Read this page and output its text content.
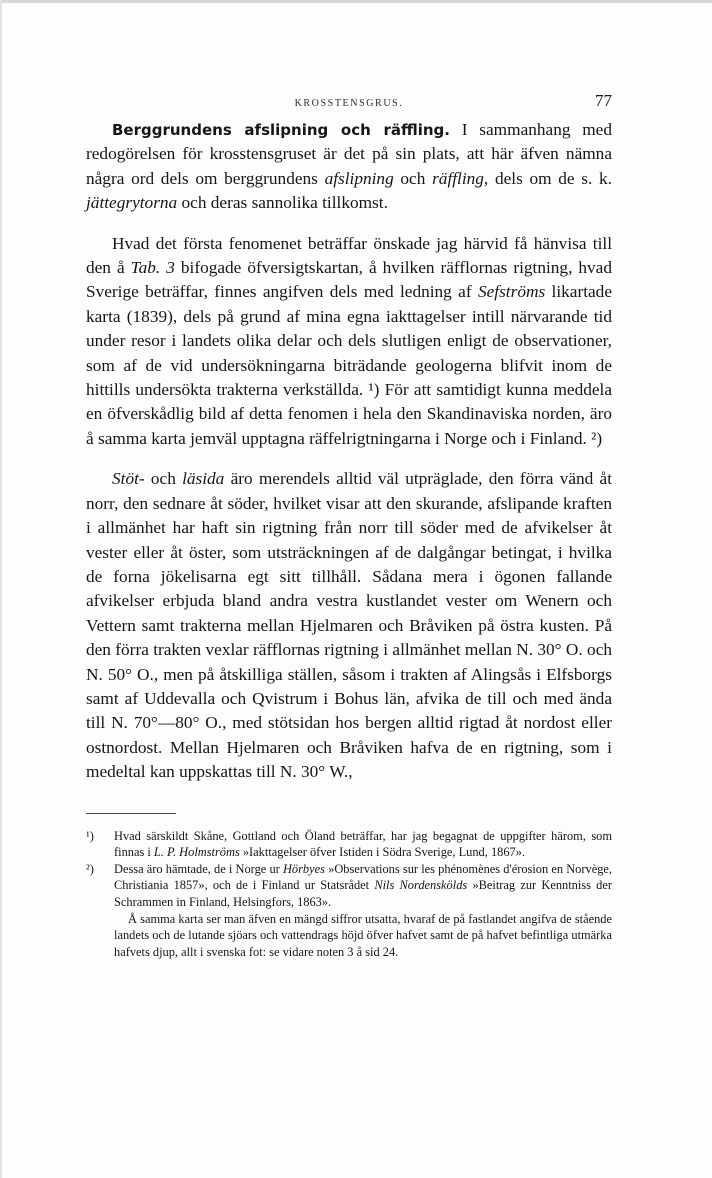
KROSSTENSGRUS.	77

Berggrundens afslipning och räffling. I sammanhang med redogörelsen för krosstensgruset är det på sin plats, att här äfven nämna några ord dels om berggrundens afslipning och räffling, dels om de s. k. jättegrytorna och deras sannolika tillkomst.

Hvad det första fenomenet beträffar önskade jag härvid få hänvisa till den å Tab. 3 bifogade öfversigtskartan, å hvilken räfflornas rigtning, hvad Sverige beträffar, finnes angifven dels med ledning af Sefströms likartade karta (1839), dels på grund af mina egna iakttagelser intill närvarande tid under resor i landets olika delar och dels slutligen enligt de observationer, som af de vid undersökningarna biträdande geologerna blifvit inom de hittills undersökta trakterna verkställda. ¹) För att samtidigt kunna meddela en öfverskådlig bild af detta fenomen i hela den Skandinaviska norden, äro å samma karta jemväl upptagna räffelrigtningarna i Norge och i Finland. ²)

Stöt- och läsida äro merendels alltid väl utpräglade, den förra vänd åt norr, den sednare åt söder, hvilket visar att den skurande, afslipande kraften i allmänhet har haft sin rigtning från norr till söder med de afvikelser åt vester eller åt öster, som utsträckningen af de dalgångar betingat, i hvilka de forna jökelisarna egt sitt tillhåll. Sådana mera i ögonen fallande afvikelser erbjuda bland andra vestra kustlandet vester om Wenern och Vettern samt trakterna mellan Hjelmaren och Bråviken på östra kusten. På den förra trakten vexlar räfflornas rigtning i allmänhet mellan N. 30° O. och N. 50° O., men på åtskilliga ställen, såsom i trakten af Alingsås i Elfsborgs samt af Uddevalla och Qvistrum i Bohus län, afvika de till och med ända till N. 70°—80° O., med stötsidan hos bergen alltid rigtad åt nordost eller ostnordost. Mellan Hjelmaren och Bråviken hafva de en rigtning, som i medeltal kan uppskattas till N. 30° W.,

¹) Hvad särskildt Skåne, Gottland och Öland beträffar, har jag begagnat de uppgifter härom, som finnas i L. P. Holmströms »Iakttagelser öfver Istiden i Södra Sverige, Lund, 1867».

²) Dessa äro hämtade, de i Norge ur Hörbyes »Observations sur les phénomènes d'érosion en Norvège, Christiania 1857», och de i Finland ur Statsrådet Nils Nordenskölds »Beitrag zur Kenntniss der Schrammen in Finland, Helsingfors, 1863».

Å samma karta ser man äfven en mängd siffror utsatta, hvaraf de på fastlandet angifva de stående landets och de lutande sjöars och vattendrags höjd öfver hafvet samt de på hafvet befintliga utmärka hafvets djup, allt i svenska fot: se vidare noten 3 å sid 24.
